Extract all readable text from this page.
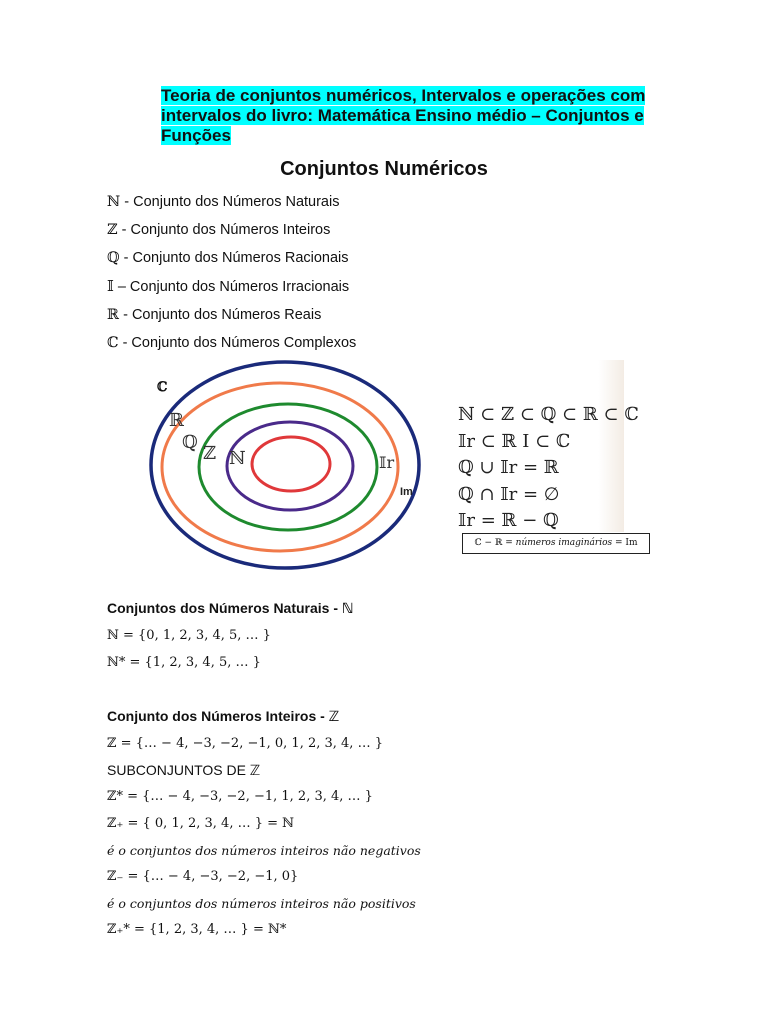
Teoria de conjuntos numéricos, Intervalos e operações com intervalos do livro: Matemática Ensino médio – Conjuntos e Funções
Conjuntos Numéricos
ℕ - Conjunto dos Números Naturais
ℤ - Conjunto dos Números Inteiros
ℚ - Conjunto dos Números Racionais
𝕀 – Conjunto dos Números Irracionais
ℝ - Conjunto dos Números Reais
ℂ - Conjunto dos Números Complexos
ℂ
ℝ
ℚ
ℤ ℕ	𝕀r
Im
ℕ ⊂ ℤ ⊂ ℚ ⊂ ℝ ⊂ ℂ
𝕀r ⊂ ℝ I ⊂ ℂ
ℚ ∪ 𝕀r = ℝ
ℚ ∩ 𝕀r = ∅
𝕀r = ℝ − ℚ
ℂ − ℝ = números imaginários = Im
Conjuntos dos Números Naturais - ℕ
ℕ = {0, 1, 2, 3, 4, 5, … }
ℕ* = {1, 2, 3, 4, 5, … }
Conjunto dos Números Inteiros - ℤ
ℤ = {… − 4, −3, −2, −1, 0, 1, 2, 3, 4, … }
SUBCONJUNTOS DE ℤ
ℤ* = {… − 4, −3, −2, −1, 1, 2, 3, 4, … }
ℤ₊ = { 0, 1, 2, 3, 4, … } = ℕ
é o conjuntos dos números inteiros não negativos
ℤ₋ = {… − 4, −3, −2, −1, 0}
é o conjuntos dos números inteiros não positivos
ℤ₊* = {1, 2, 3, 4, … } = ℕ*
